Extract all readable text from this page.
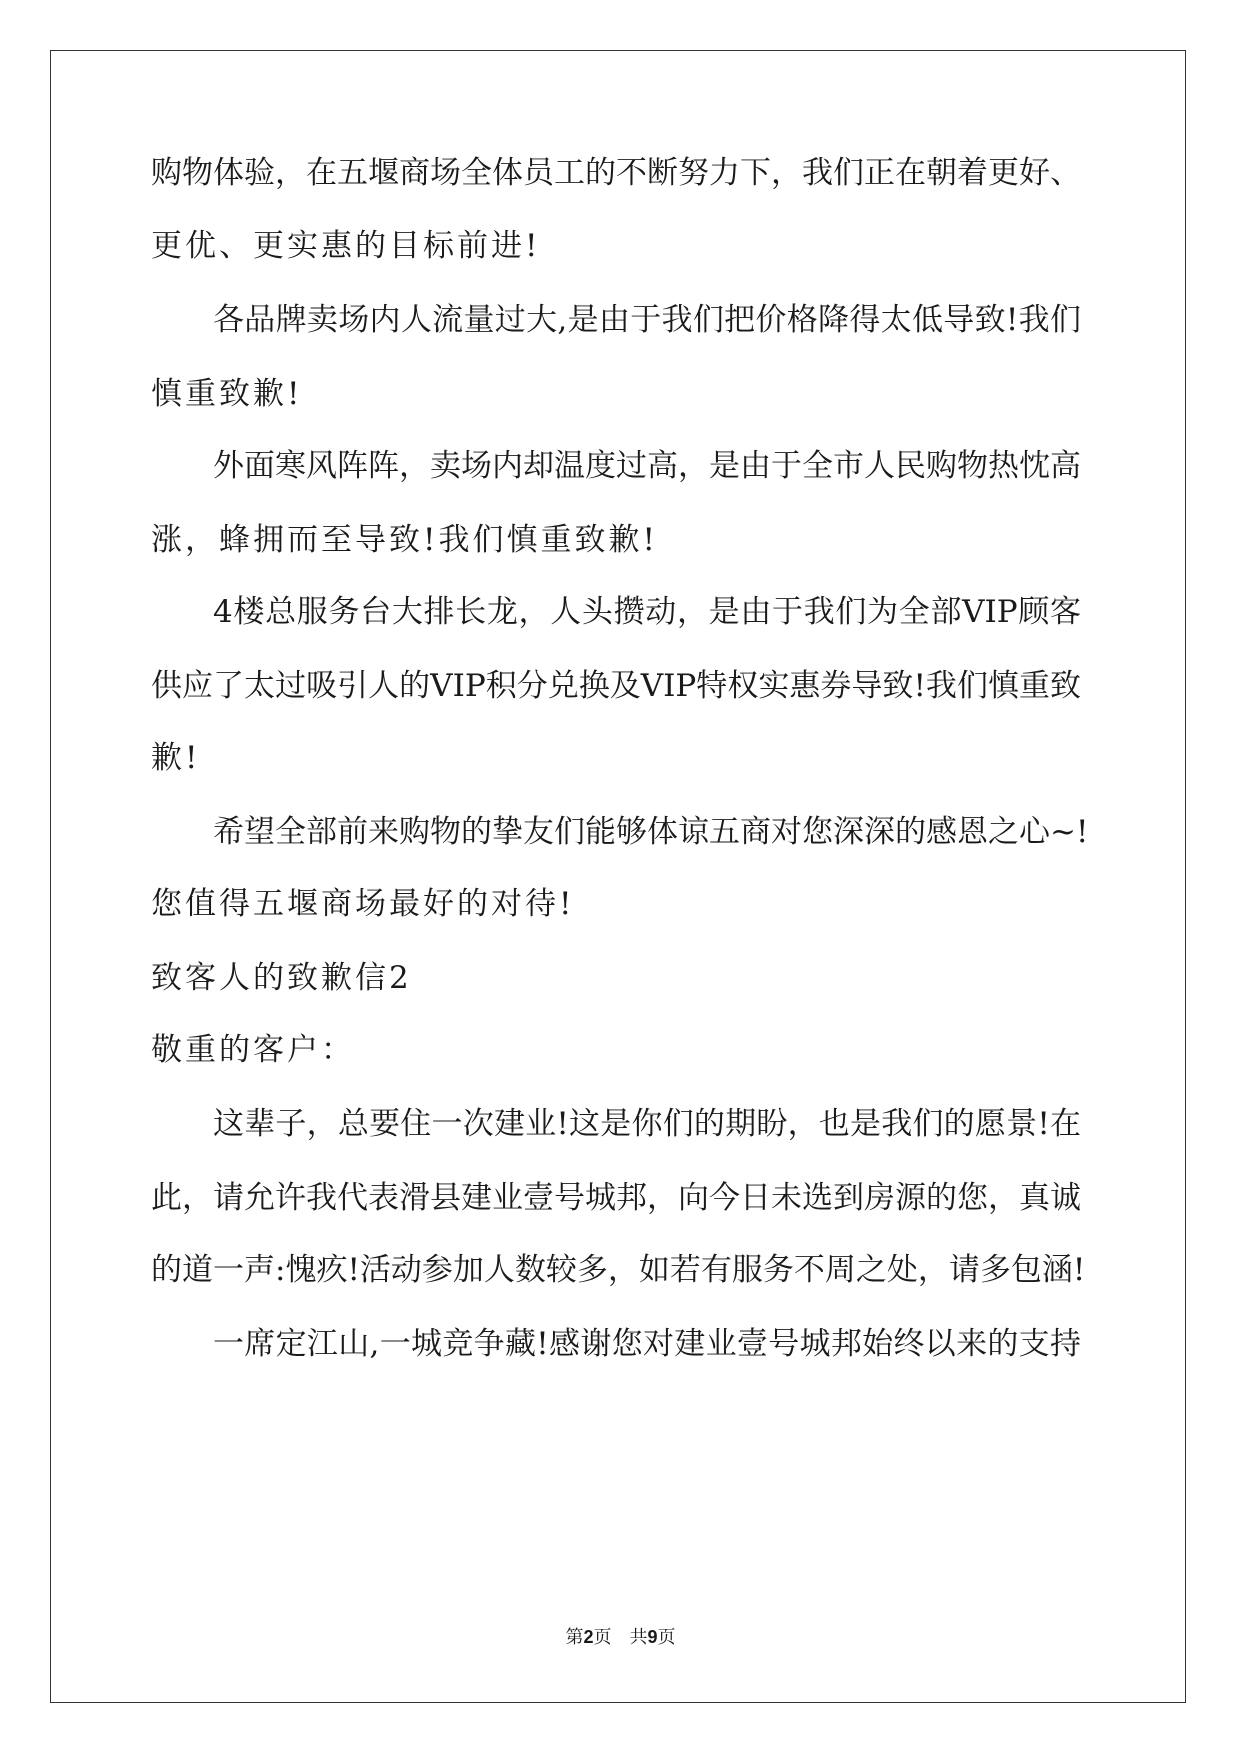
购物体验，在五堰商场全体员工的不断努力下，我们正在朝着更好、
更优、更实惠的目标前进!
各品牌卖场内人流量过大,是由于我们把价格降得太低导致!我们
慎重致歉!
外面寒风阵阵，卖场内却温度过高，是由于全市人民购物热忱高
涨，蜂拥而至导致!我们慎重致歉!
4楼总服务台大排长龙，人头攒动，是由于我们为全部VIP顾客
供应了太过吸引人的VIP积分兑换及VIP特权实惠券导致!我们慎重致
歉!
希望全部前来购物的挚友们能够体谅五商对您深深的感恩之心~!
您值得五堰商场最好的对待!
致客人的致歉信2
敬重的客户：
这辈子，总要住一次建业!这是你们的期盼，也是我们的愿景!在
此，请允许我代表滑县建业壹号城邦，向今日未选到房源的您，真诚
的道一声:愧疚!活动参加人数较多，如若有服务不周之处，请多包涵!
一席定江山,一城竞争藏!感谢您对建业壹号城邦始终以来的支持
第2页　共9页
